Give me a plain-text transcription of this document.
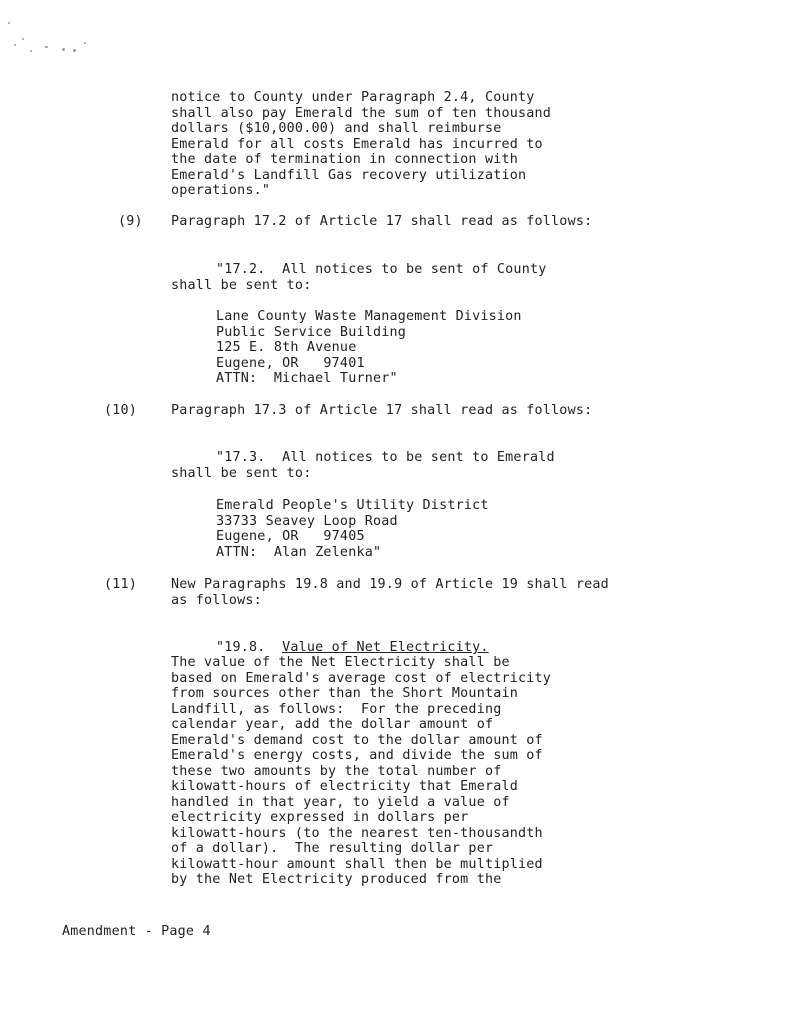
notice to County under Paragraph 2.4, County
shall also pay Emerald the sum of ten thousand
dollars ($10,000.00) and shall reimburse
Emerald for all costs Emerald has incurred to
the date of termination in connection with
Emerald's Landfill Gas recovery utilization
operations."
(9) Paragraph 17.2 of Article 17 shall read as follows:
"17.2.  All notices to be sent of County
shall be sent to:
Lane County Waste Management Division
Public Service Building
125 E. 8th Avenue
Eugene, OR   97401
ATTN:  Michael Turner"
(10)	Paragraph 17.3 of Article 17 shall read as follows:
"17.3.  All notices to be sent to Emerald
shall be sent to:
Emerald People's Utility District
33733 Seavey Loop Road
Eugene, OR   97405
ATTN:  Alan Zelenka"
(11)	New Paragraphs 19.8 and 19.9 of Article 19 shall read
as follows:
"19.8. Value of Net Electricity.
The value of the Net Electricity shall be
based on Emerald's average cost of electricity
from sources other than the Short Mountain
Landfill, as follows:  For the preceding
calendar year, add the dollar amount of
Emerald's demand cost to the dollar amount of
Emerald's energy costs, and divide the sum of
these two amounts by the total number of
kilowatt-hours of electricity that Emerald
handled in that year, to yield a value of
electricity expressed in dollars per
kilowatt-hours (to the nearest ten-thousandth
of a dollar).  The resulting dollar per
kilowatt-hour amount shall then be multiplied
by the Net Electricity produced from the
Amendment - Page 4
